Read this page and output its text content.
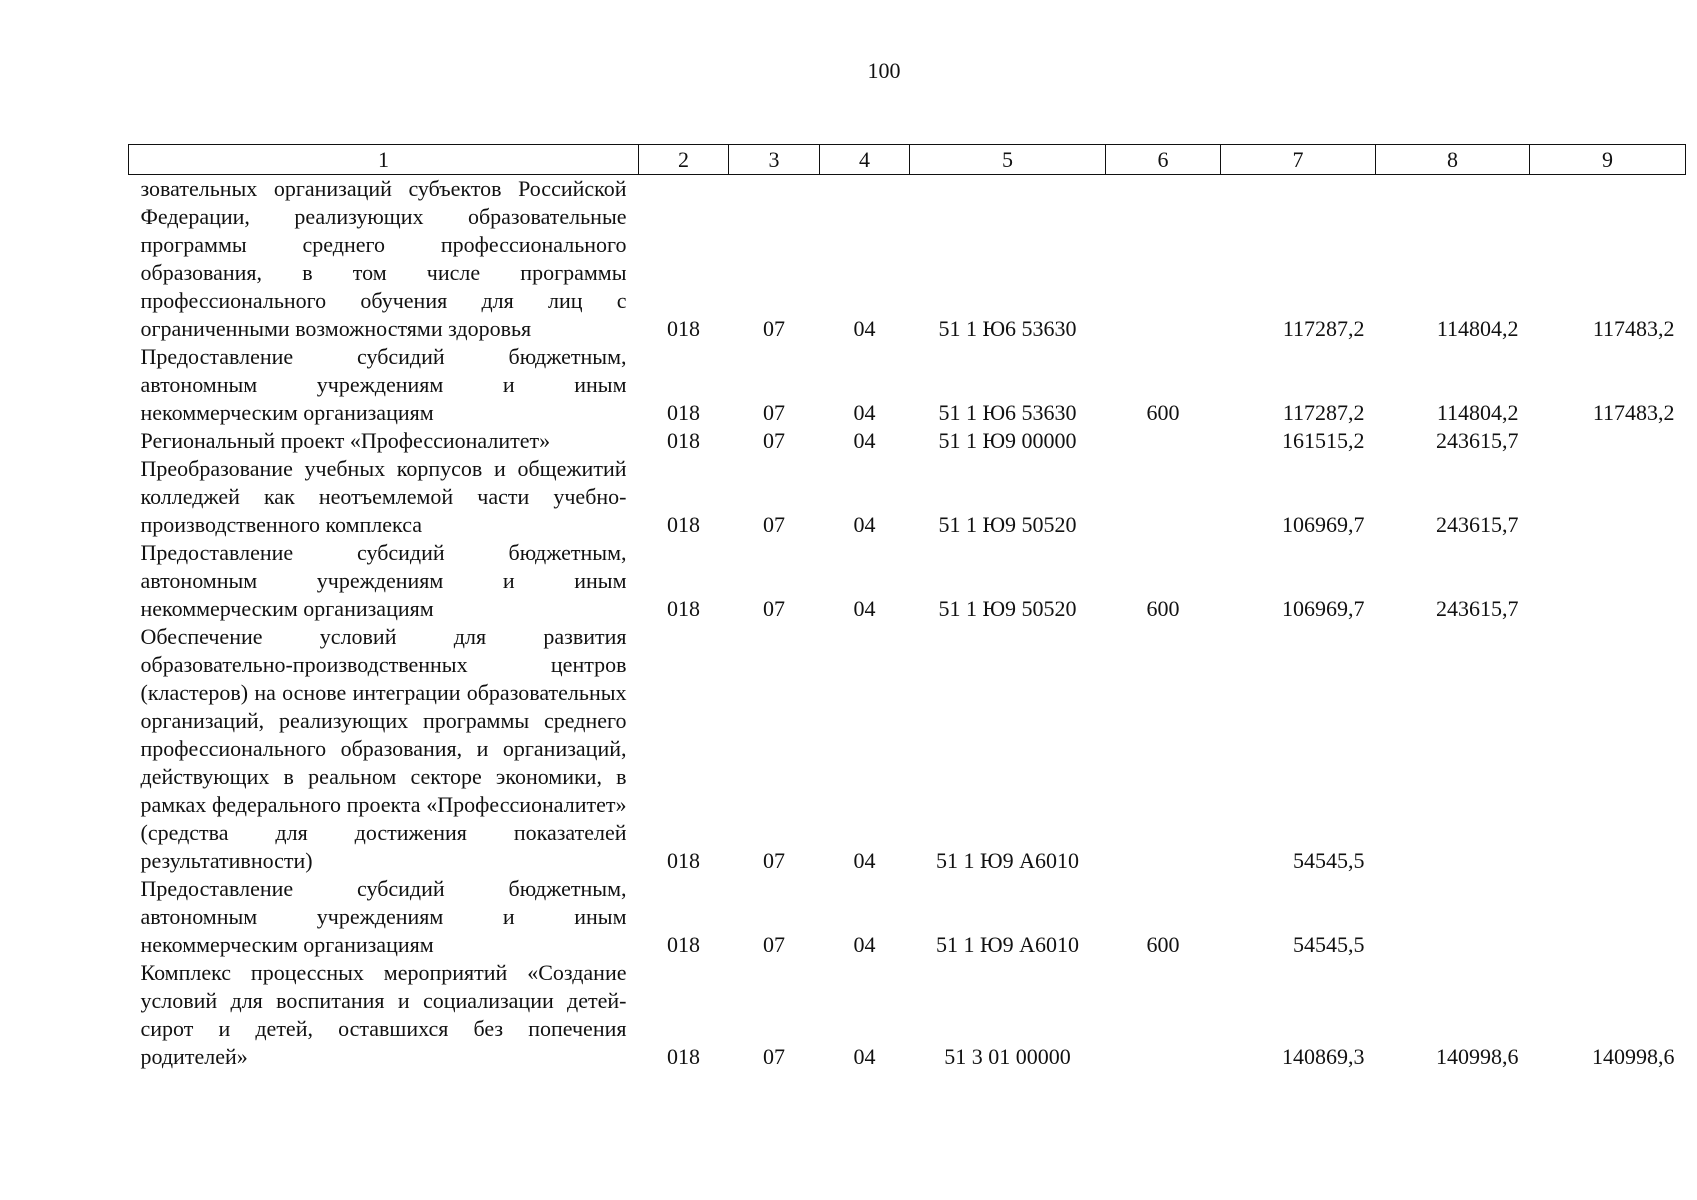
100
1	2	3	4	5	6	7	8	9
зовательных организаций субъектов Российской Федерации, реализующих образовательные программы среднего профессионального образования, в том числе программы профессионального обучения для лиц с ограниченными возможностями здоровья	018	07	04	51 1 Ю6 53630		117287,2	114804,2	117483,2
Предоставление субсидий бюджетным, автономным учреждениям и иным некоммерческим организациям	018	07	04	51 1 Ю6 53630	600	117287,2	114804,2	117483,2
Региональный проект «Профессионалитет»	018	07	04	51 1 Ю9 00000		161515,2	243615,7	
Преобразование учебных корпусов и общежитий колледжей как неотъемлемой части учебно-производственного комплекса	018	07	04	51 1 Ю9 50520		106969,7	243615,7	
Предоставление субсидий бюджетным, автономным учреждениям и иным некоммерческим организациям	018	07	04	51 1 Ю9 50520	600	106969,7	243615,7	
Обеспечение условий для развития образовательно-производственных центров (кластеров) на основе интеграции образовательных организаций, реализующих программы среднего профессионального образования, и организаций, действующих в реальном секторе экономики, в рамках федерального проекта «Профессионалитет» (средства для достижения показателей результативности)	018	07	04	51 1 Ю9 А6010		54545,5		
Предоставление субсидий бюджетным, автономным учреждениям и иным некоммерческим организациям	018	07	04	51 1 Ю9 А6010	600	54545,5		
Комплекс процессных мероприятий «Создание условий для воспитания и социализации детей-сирот и детей, оставшихся без попечения родителей»	018	07	04	51 3 01 00000		140869,3	140998,6	140998,6
